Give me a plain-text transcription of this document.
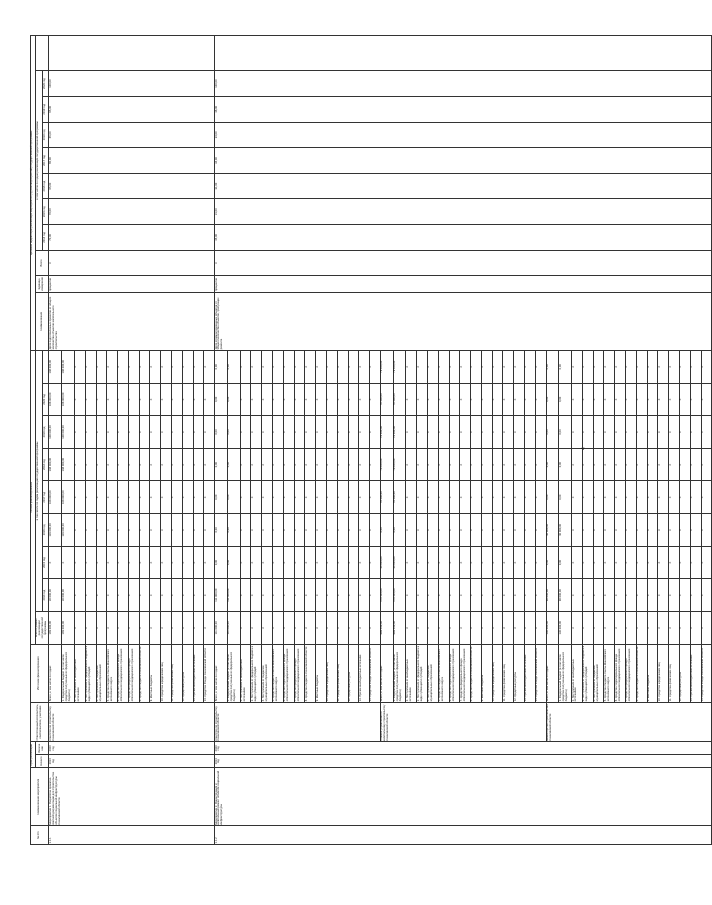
№ п/п	Наименование мероприятия	Срок реализации		Ответственный исполнитель, соисполнители, участники	Источник финансирования	Объем финансирования									Целевые индикаторы реализации мероприятия (группы мероприятий) государственной программы										
		Начало	Окончание			Всего в рамках реализации государственной программы	в том числе по годам реализации государственной программы								Наименование	Единица измерения	Всего	в том числе по годам реализации государственной программы							
							2014 год	2015 год	2016 год	2017 год	2018 год	2019 год	2020 год					2014 год	2015 год	2016 год	2017 год	2018 год	2019 год	2020 год	
1.1.1	Мероприятие 1. Разработка проектно-сметной документации для строительства объектов социальной инфраструктуры Сахалинской области	2014 год	2020 год	Агентство по строительству Сахалинской области	Всего, в том числе по годам:	149 000,00	30 000,00	X	119 000,00	108 000,00	108 000,00	108 000,00	108 000,00	108 000,00	Доля подготовленных проектов от общего количества объектов капитального строительства	процентов	X	70,00	70,00	65,00	65,00	65,00	65,00	100,00	
					1. Федеральный бюджет (в том числе средства полученные из федерального бюджета)	149 000,00	30 000,00	X	119 000,00	108 000,00	108 000,00	108 000,00	108 000,00	108 000,00											
					2. Поступления от внебюджетных источников	X	X	X	X	X	X	X	X	X											
					3. Поступления от федерального бюджета в виде субвенций и субсидий	X	X	X	X	X	X	X	X	X											
					4. Поступления от бюджетов муниципальных образований	X	X	X	X	X	X	X	X	X											
					5. Средства бюджета Ханты-Мансийского автономного округа	X	X	X	X	X	X	X	X	X											
					6. Средства территориального фонда обязательного медицинского страхования	X	X	X	X	X	X	X	X	X											
					7. Средства федерального фонда обязательного медицинского страхования	X	X	X	X	X	X	X	X	X											
					8. Средства бюджета Сахалинской области	X	X	X	X	X	X	X	X	X											
					9. Местные бюджеты	X	X	X	X	X	X	X	X	X											
					10. Средства юридических лиц	X	X	X	X	X	X	X	X	X											
					11. Средства физических лиц	X	X	X	X	X	X	X	X	X											
					12. Кредитные ресурсы	X	X	X	X	X	X	X	X	X											
					13. Прочие внебюджетные источники	X	X	X	X	X	X	X	X	X											
					14. Средства Фонда Сахалинской области	X	X	X	X	X	X	X	X	X											
1.1.2	Мероприятие 2. Реконструкция и капитальный ремонт объектов социальной инфраструктуры	2014 год	2020 год	Агентство по строительству Сахалинской области	Всего, в том числе по годам:	111 000,00	111 000,00	0,00	0,00	0,00	0,00	0,00	0,00	0,00	Доля отремонтированных объектов от общего количества объектов, требующих ремонта	процентов	X	35,00	31,00	31,00	34,00	34,00	36,00	100,00	
					1. Федеральный бюджет (в том числе средства полученные из федерального бюджета)	111 000,00	111 000,00	0,00	0,00	0,00	0,00	0,00	0,00	0,00											
					2. Поступления от внебюджетных источников	X	X	X	X	X	X	X	X	X											
					3. Поступления от федерального бюджета в виде субвенций и субсидий	X	X	X	X	X	X	X	X	X											
					4. Поступления от бюджетов муниципальных образований	X	X	X	X	X	X	X	X	X											
					5. Средства бюджета Ханты-Мансийского автономного округа	X	X	X	X	X	X	X	X	X											
					6. Средства территориального фонда обязательного медицинского страхования	X	X	X	X	X	X	X	X	X											
					7. Средства федерального фонда обязательного медицинского страхования	X	X	X	X	X	X	X	X	X											
					8. Средства бюджета Сахалинской области	X	X	X	X	X	X	X	X	X											
					9. Местные бюджеты	X	X	X	X	X	X	X	X	X											
					10. Средства юридических лиц	X	X	X	X	X	X	X	X	X											
					11. Средства физических лиц	X	X	X	X	X	X	X	X	X											
					12. Кредитные ресурсы	X	X	X	X	X	X	X	X	X											
					13. Прочие внебюджетные источники	X	X	X	X	X	X	X	X	X											
					14. Средства Фонда Сахалинской области	X	X	X	X	X	X	X	X	X											
				Главное управление по капитальному строительству Сахалинской области	Всего, в том числе по годам:	999 543,00	170 113,00	34 613,00	0,00	79 100,00	79 100,00	79 100,00	79 100,00	79 100,00											
					1. Федеральный бюджет (в том числе средства полученные из федерального бюджета)	999 543,00	170 113,00	34 613,00	0,00	79 100,00	79 100,00	79 100,00	79 100,00	79 100,00											
					2. Поступления от внебюджетных источников	X	X	X	X	X	X	X	X	X											
					3. Поступления от федерального бюджета в виде субвенций и субсидий	X	X	X	X	X	X	X	X	X											
					4. Поступления от бюджетов муниципальных образований	X	X	X	X	X	X	X	X	X											
					5. Средства бюджета Ханты-Мансийского автономного округа	X	X	X	X	X	X	X	X	X											
					6. Средства территориального фонда обязательного медицинского страхования	X	X	X	X	X	X	X	X	X											
					7. Средства федерального фонда обязательного медицинского страхования	X	X	X	X	X	X	X	X	X											
					8. Средства бюджета Сахалинской области	X	X	X	X	X	X	X	X	X											
					9. Местные бюджеты	X	X	X	X	X	X	X	X	X											
					10. Средства юридических лиц	X	X	X	X	X	X	X	X	X											
					11. Средства физических лиц	X	X	X	X	X	X	X	X	X											
					12. Кредитные ресурсы	X	X	X	X	X	X	X	X	X											
					13. Прочие внебюджетные источники	X	X	X	X	X	X	X	X	X											
					14. Средства Фонда Сахалинской области	X	X	X	X	X	X	X	X	X											
				Министерство строительства Сахалинской области	Всего, в том числе по годам:	130 000,00	90 000,00	0,00	40 000,00	0,00	0,00	0,00	0,00	0,00											
					1. Федеральный бюджет (в том числе средства полученные из федерального бюджета)	130 000,00	90 000,00	0,00	40 000,00	0,00	0,00	0,00	0,00	0,00											
					2. Поступления от внебюджетных источников	X	X	X	X	X	X	X	X	X											
					3. Поступления от федерального бюджета в виде субвенций и субсидий	X	X	X	X	X	X	X	X	X											
					4. Поступления от бюджетов муниципальных образований	X	X	X	X	X	X	X	X	X											
					5. Средства бюджета Ханты-Мансийского автономного округа	X	X	X	X	X	X	X	X	X											
					6. Средства территориального фонда обязательного медицинского страхования	X	X	X	X	X	X	X	X	X											
					7. Средства федерального фонда обязательного медицинского страхования	X	X	X	X	X	X	X	X	X											
					8. Средства бюджета Сахалинской области	X	X	X	X	X	X	X	X	X											
					9. Местные бюджеты	X	X	X	X	X	X	X	X	X											
					10. Средства юридических лиц	X	X	X	X	X	X	X	X	X											
					11. Средства физических лиц	X	X	X	X	X	X	X	X	X											
					12. Кредитные ресурсы	X	X	X	X	X	X	X	X	X											
					13. Прочие внебюджетные источники	X	X	X	X	X	X	X	X	X											
					14. Средства Фонда Сахалинской области	X	X	X	X	X	X	X	X	X											
4
